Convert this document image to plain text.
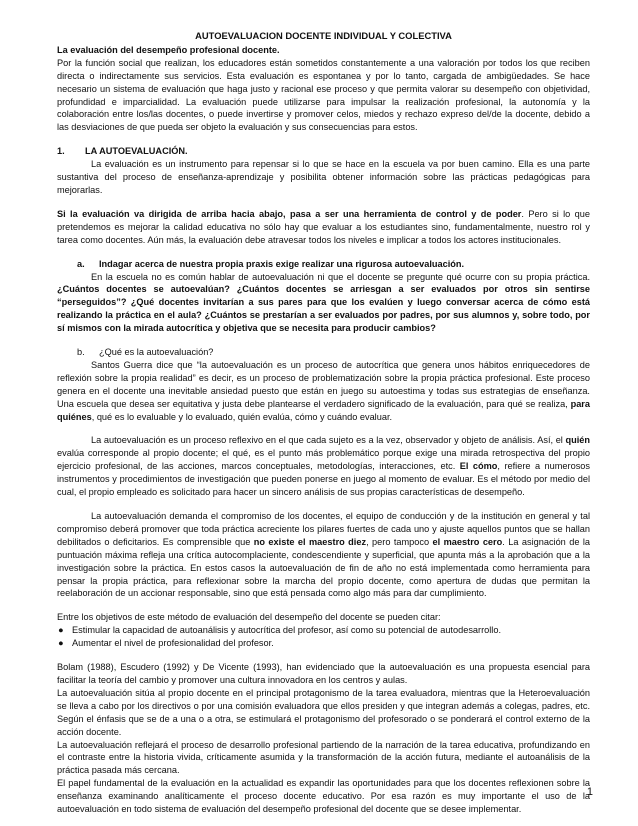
AUTOEVALUACION DOCENTE INDIVIDUAL Y COLECTIVA

La evaluación del desempeño profesional docente.

Por la función social que realizan, los educadores están sometidos constantemente a una valoración por todos los que reciben directa o indirectamente sus servicios. Esta evaluación es espontanea y por lo tanto, cargada de ambigüedades. Se hace necesario un sistema de evaluación que haga justo y racional ese proceso y que permita valorar su desempeño con objetividad, profundidad e imparcialidad. La evaluación puede utilizarse para impulsar la realización profesional, la autonomía y la colaboración entre los/las docentes, o puede invertirse y promover celos, miedos y rechazo expreso del/de la docente, debido a las desviaciones de que pueda ser objeto la evaluación y sus consecuencias para estos.

1.	LA AUTOEVALUACIÓN.

La evaluación es un instrumento para repensar si lo que se hace en la escuela va por buen camino. Ella es una parte sustantiva del proceso de enseñanza-aprendizaje y posibilita obtener información sobre las prácticas pedagógicas para mejorarlas.

Si la evaluación va dirigida de arriba hacia abajo, pasa a ser una herramienta de control y de poder. Pero si lo que pretendemos es mejorar la calidad educativa no sólo hay que evaluar a los estudiantes sino, fundamentalmente, nuestro rol y tarea como docentes. Aún más, la evaluación debe atravesar todos los niveles e implicar a todos los actores institucionales.

a.	Indagar acerca de nuestra propia praxis exige realizar una rigurosa autoevaluación.

En la escuela no es común hablar de autoevaluación ni que el docente se pregunte qué ocurre con su propia práctica. ¿Cuántos docentes se autoevalúan? ¿Cuántos docentes se arriesgan a ser evaluados por otros sin sentirse “perseguidos”? ¿Qué docentes invitarían a sus pares para que los evalúen y luego conversar acerca de cómo está realizando la práctica en el aula? ¿Cuántos se prestarían a ser evaluados por padres, por sus alumnos y, sobre todo, por sí mismos con la mirada autocrítica y objetiva que se necesita para producir cambios?

b.	¿Qué es la autoevaluación?

Santos Guerra dice que “la autoevaluación es un proceso de autocrítica que genera unos hábitos enriquecedores de reflexión sobre la propia realidad” es decir, es un proceso de problematización sobre la propia práctica profesional. Este proceso genera en el docente una inevitable ansiedad puesto que están en juego su autoestima y todas sus estrategias de enseñanza. Una escuela que desea ser equitativa y justa debe plantearse el verdadero significado de la evaluación, para qué se realiza, para quiénes, qué es lo evaluable y lo evaluado, quién evalúa, cómo y cuándo evaluar.

La autoevaluación es un proceso reflexivo en el que cada sujeto es a la vez, observador y objeto de análisis. Así, el quién evalúa corresponde al propio docente; el qué, es el punto más problemático porque exige una mirada retrospectiva del propio ejercicio profesional, de las acciones, marcos conceptuales, metodologías, interacciones, etc. El cómo, refiere a numerosos instrumentos y procedimientos de investigación que pueden ponerse en juego al momento de evaluar. Es el método por medio del cual, el propio empleado es solicitado para hacer un sincero análisis de sus propias características de desempeño.

La autoevaluación demanda el compromiso de los docentes, el equipo de conducción y de la institución en general y tal compromiso deberá promover que toda práctica acreciente los pilares fuertes de cada uno y ajuste aquellos puntos que se hallan debilitados o deficitarios. Es comprensible que no existe el maestro diez, pero tampoco el maestro cero. La asignación de la puntuación máxima refleja una crítica autocomplaciente, condescendiente y superficial, que apunta más a la aprobación que a la investigación sobre la práctica. En estos casos la autoevaluación de fin de año no está implementada como herramienta para pensar la propia práctica, para reflexionar sobre la marcha del propio docente, como apertura de dudas que permitan la reelaboración de un accionar responsable, sino que está pensada como algo más para dar cumplimiento.

Entre los objetivos de este método de evaluación del desempeño del docente se pueden citar:

● Estimular la capacidad de autoanálisis y autocrítica del profesor, así como su potencial de autodesarrollo.

● Aumentar el nivel de profesionalidad del profesor.

Bolam (1988), Escudero (1992) y De Vicente (1993), han evidenciado que la autoevaluación es una propuesta esencial para facilitar la teoría del cambio y promover una cultura innovadora en los centros y aulas.

La autoevaluación sitúa al propio docente en el principal protagonismo de la tarea evaluadora, mientras que la Heteroevaluación se lleva a cabo por los directivos o por una comisión evaluadora que ellos presiden y que integran además a colegas, padres, etc. Según el énfasis que se de a una o a otra, se estimulará el protagonismo del profesorado o se ponderará el control externo de la acción docente.

La autoevaluación reflejará el proceso de desarrollo profesional partiendo de la narración de la tarea educativa, profundizando en el contraste entre la historia vivida, críticamente asumida y la transformación de la acción futura, mediante el autoanálisis de la práctica pasada más cercana.

El papel fundamental de la evaluación en la actualidad es expandir las oportunidades para que los docentes reflexionen sobre la enseñanza examinando analíticamente el proceso docente educativo. Por esa razón es muy importante el uso de la autoevaluación en todo sistema de evaluación del desempeño profesional del docente que se desee implementar.

1
